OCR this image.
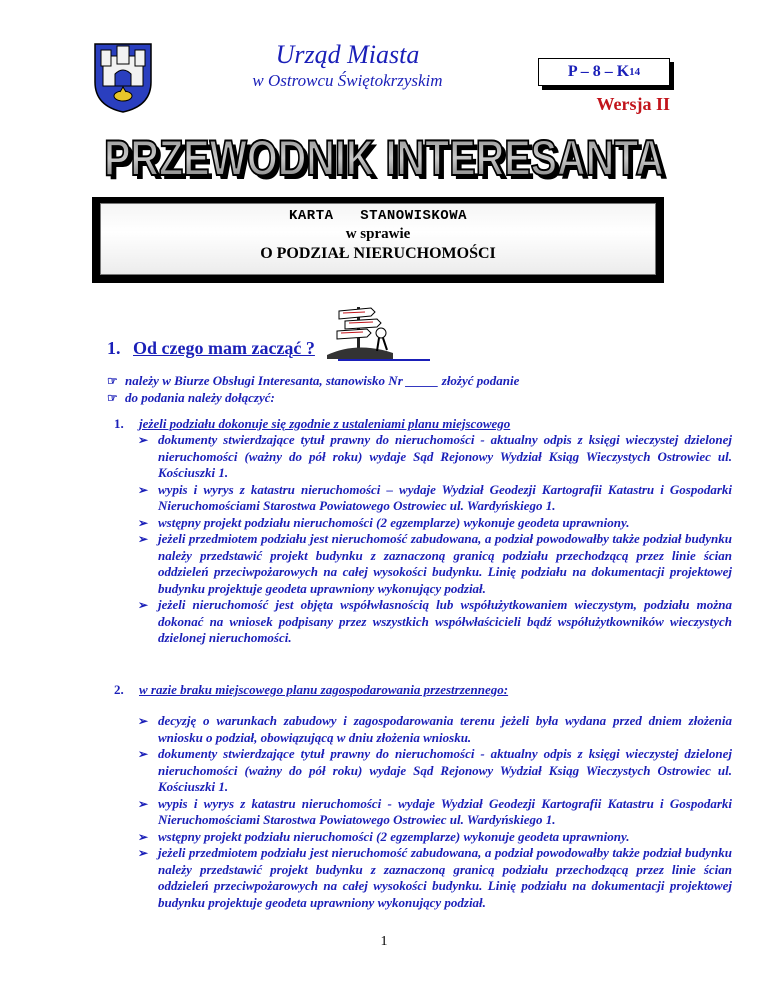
Urząd Miasta
w Ostrowcu Świętokrzyskim	P – 8 – K 14
Wersja II
PRZEWODNIK INTERESANTA
PRZEWODNIK INTERESANTA
KARTA   STANOWISKOWA
w sprawie
O PODZIAŁ NIERUCHOMOŚCI
1. Od czego mam zacząć ?
☞ należy w Biurze Obsługi Interesanta, stanowisko Nr _____ złożyć podanie
☞ do podania należy dołączyć:
1. jeżeli podziału dokonuje się zgodnie z ustaleniami planu miejscowego
➢ dokumenty stwierdzające tytuł prawny do nieruchomości - aktualny odpis z księgi wieczystej dzielonej nieruchomości (ważny do pół roku) wydaje Sąd Rejonowy Wydział Ksiąg Wieczystych Ostrowiec ul. Kościuszki 1.
➢ wypis i wyrys z katastru nieruchomości – wydaje Wydział Geodezji Kartografii Katastru i Gospodarki Nieruchomościami Starostwa Powiatowego Ostrowiec ul. Wardyńskiego 1.
➢ wstępny projekt podziału nieruchomości (2 egzemplarze) wykonuje geodeta uprawniony.
➢ jeżeli przedmiotem podziału jest nieruchomość zabudowana, a podział powodowałby także podział budynku należy przedstawić projekt budynku z zaznaczoną granicą podziału przechodzącą przez linie ścian oddzieleń przeciwpożarowych na całej wysokości budynku. Linię podziału na dokumentacji projektowej budynku projektuje geodeta uprawniony wykonujący podział.
➢ jeżeli nieruchomość jest objęta współwłasnością lub współużytkowaniem wieczystym, podziału można dokonać na wniosek podpisany przez wszystkich współwłaścicieli bądź współużytkowników wieczystych dzielonej nieruchomości.
2. w razie braku miejscowego planu zagospodarowania przestrzennego:
➢ decyzję o warunkach zabudowy i zagospodarowania terenu jeżeli była wydana przed dniem złożenia wniosku o podział, obowiązującą w dniu złożenia wniosku.
➢ dokumenty stwierdzające tytuł prawny do nieruchomości - aktualny odpis z księgi wieczystej dzielonej nieruchomości (ważny do pół roku) wydaje Sąd Rejonowy Wydział Ksiąg Wieczystych Ostrowiec ul. Kościuszki 1.
➢ wypis i wyrys z katastru nieruchomości - wydaje Wydział Geodezji Kartografii Katastru i Gospodarki Nieruchomościami Starostwa Powiatowego Ostrowiec ul. Wardyńskiego 1.
➢ wstępny projekt podziału nieruchomości (2 egzemplarze) wykonuje geodeta uprawniony.
➢ jeżeli przedmiotem podziału jest nieruchomość zabudowana, a podział powodowałby także podział budynku należy przedstawić projekt budynku z zaznaczoną granicą podziału przechodzącą przez linie ścian oddzieleń przeciwpożarowych na całej wysokości budynku. Linię podziału na dokumentacji projektowej budynku projektuje geodeta uprawniony wykonujący podział.
1
